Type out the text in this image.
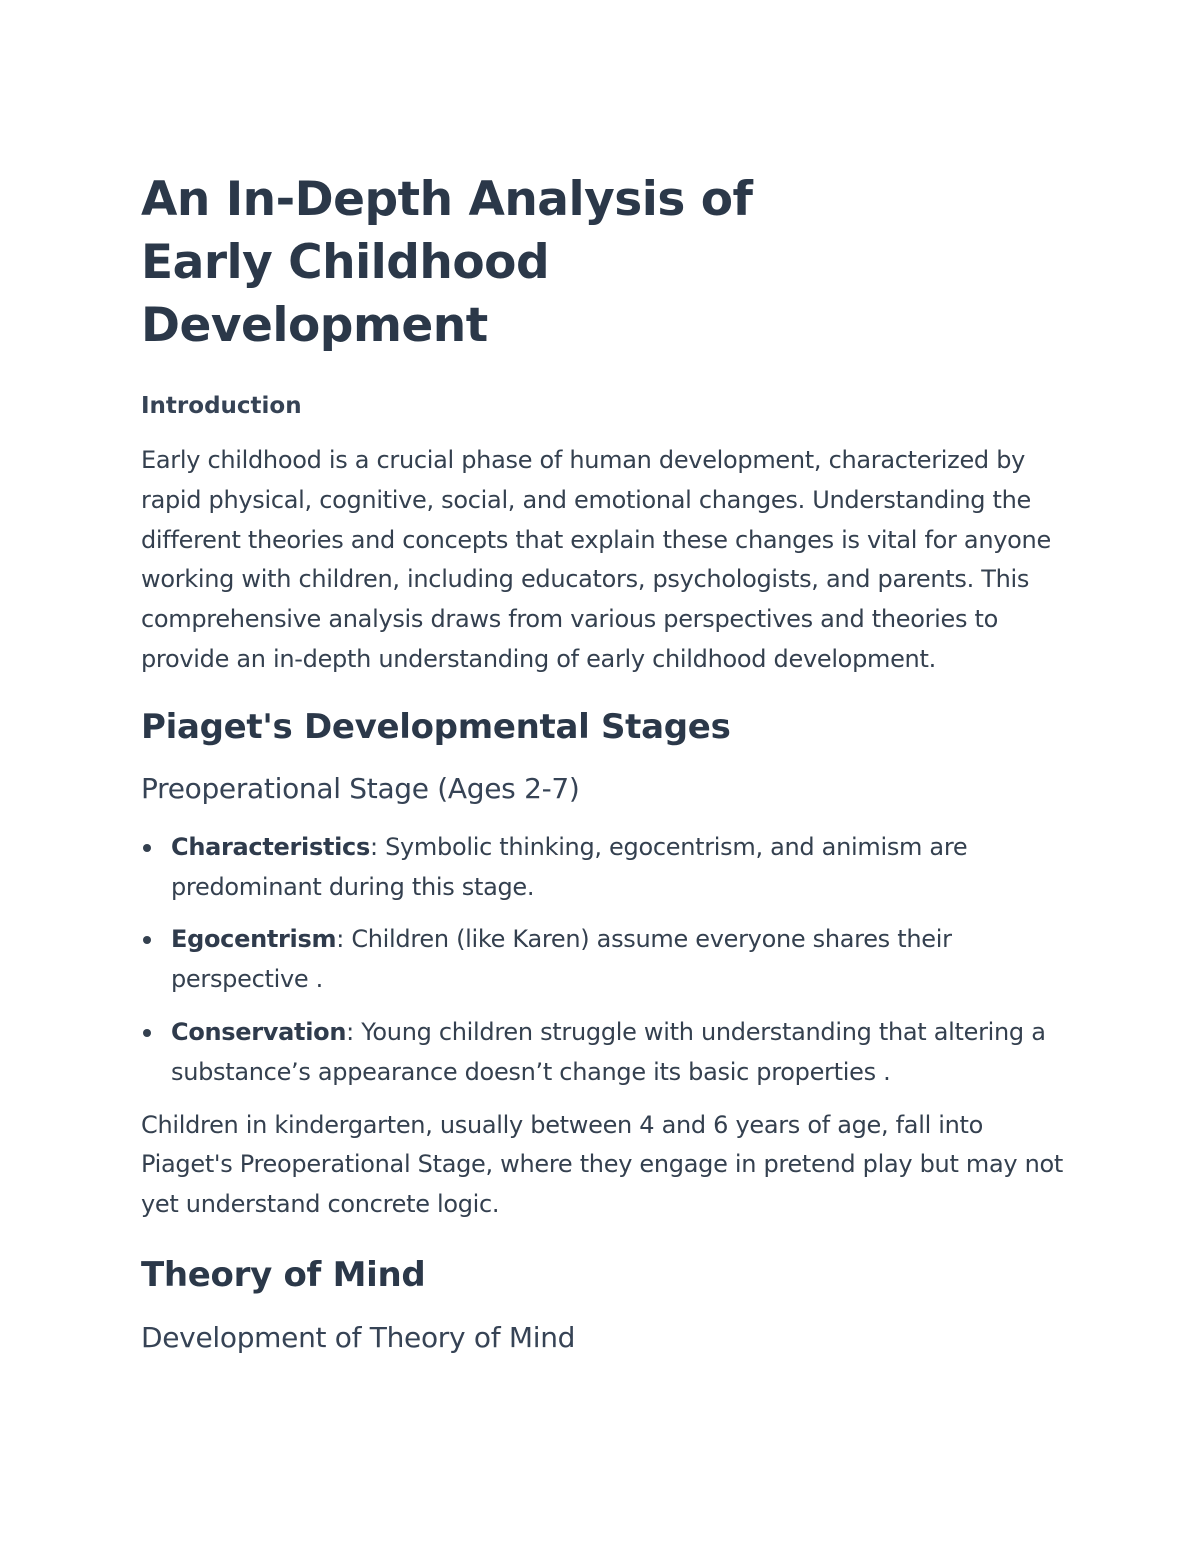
An In-Depth Analysis of Early Childhood Development
Introduction

Early childhood is a crucial phase of human development, characterized by rapid physical, cognitive, social, and emotional changes. Understanding the different theories and concepts that explain these changes is vital for anyone working with children, including educators, psychologists, and parents. This comprehensive analysis draws from various perspectives and theories to provide an in-depth understanding of early childhood development.

Piaget's Developmental Stages
Preoperational Stage (Ages 2-7)
Characteristics: Symbolic thinking, egocentrism, and animism are predominant during this stage.
Egocentrism: Children (like Karen) assume everyone shares their perspective .
Conservation: Young children struggle with understanding that altering a substance’s appearance doesn’t change its basic properties .

Children in kindergarten, usually between 4 and 6 years of age, fall into Piaget's Preoperational Stage, where they engage in pretend play but may not yet understand concrete logic.

Theory of Mind
Development of Theory of Mind
